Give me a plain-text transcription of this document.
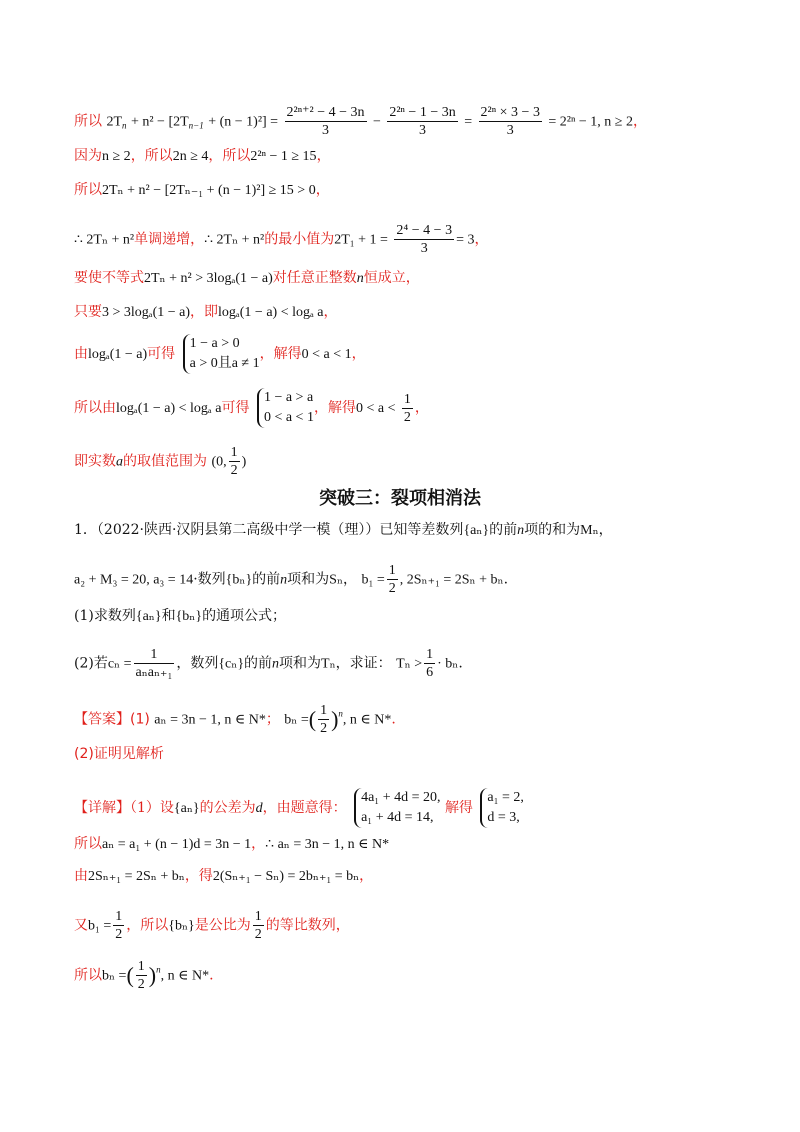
所以 $2T_n + n^2 - [2T_{n-1} + (n - 1)^2] = \frac{\text{2²ⁿ⁺² − 4 − 3n}}{3} - \frac{\text{2²ⁿ − 1 − 3n}}{3} = \frac{\text{2²ⁿ × 3 − 3}}{3} = 2^{2n} - 1$, n ≥ 2，
因为n ≥ 2，所以2n ≥ 4，所以2²ⁿ − 1 ≥ 15，
所以2Tₙ + n² − [2Tₙ₋₁ + (n − 1)²] ≥ 15 > 0，
∴ 2Tₙ + n²单调递增，∴ 2Tₙ + n²的最小值为$2T_1 + 1 = \frac{\text{2⁴ − 4 − 3}}{3} = 3$，
要使不等式2Tₙ + n² > 3logₐ(1 − a)对任意正整数n恒成立，
只要3 > 3logₐ(1 − a)，即logₐ(1 − a) < logₐ a，
由logₐ(1 − a)可得
1 − a > 0
a > 0且a ≠ 1
，解得0 < a < 1，
所以由logₐ(1 − a) < logₐ a可得
1 − a > a
0 < a < 1
，解得$0 < a < \frac{1}{2}$ ，
即实数a的取值范围为 (0, $\frac{1}{2}$ )
突破三：裂项相消法
1．（2022·陕西·汉阴县第二高级中学一模（理））已知等差数列{aₙ}的前n项的和为Mₙ，
a₂ + M₃ = 20, a₃ = 14·数列{bₙ}的前n项和为Sₙ， $b_1 = \frac{1}{2}$ , 2Sₙ₊₁ = 2Sₙ + bₙ.
(1)求数列{aₙ}和{bₙ}的通项公式；
(2)若$c_n = \frac{1}{\text{aₙaₙ₊₁}}$ ，数列{cₙ}的前n项和为Tₙ，求证： $T_n > \frac{1}{6} \cdot b_n$.
【答案】(1) aₙ = 3n − 1, n ∈ N*； bₙ =( $\frac{1}{2} )^n$, n ∈ N*.
(2)证明见解析
【详解】（1）设{aₙ}的公差为d，由题意得：
4a₁ + 4d = 20,
a₁ + 4d = 14,
解得
a₁ = 2,
d = 3,
所以aₙ = a₁ + (n − 1)d = 3n − 1，∴ aₙ = 3n − 1, n ∈ N*
由2Sₙ₊₁ = 2Sₙ + bₙ，得2(Sₙ₊₁ − Sₙ) = 2bₙ₊₁ = bₙ，
又$b_1 = \frac{1}{2}$ ，所以{bₙ}是公比为 $\frac{1}{2}$ 的等比数列，
所以bₙ =( $\frac{1}{2} )^n$, n ∈ N*.
